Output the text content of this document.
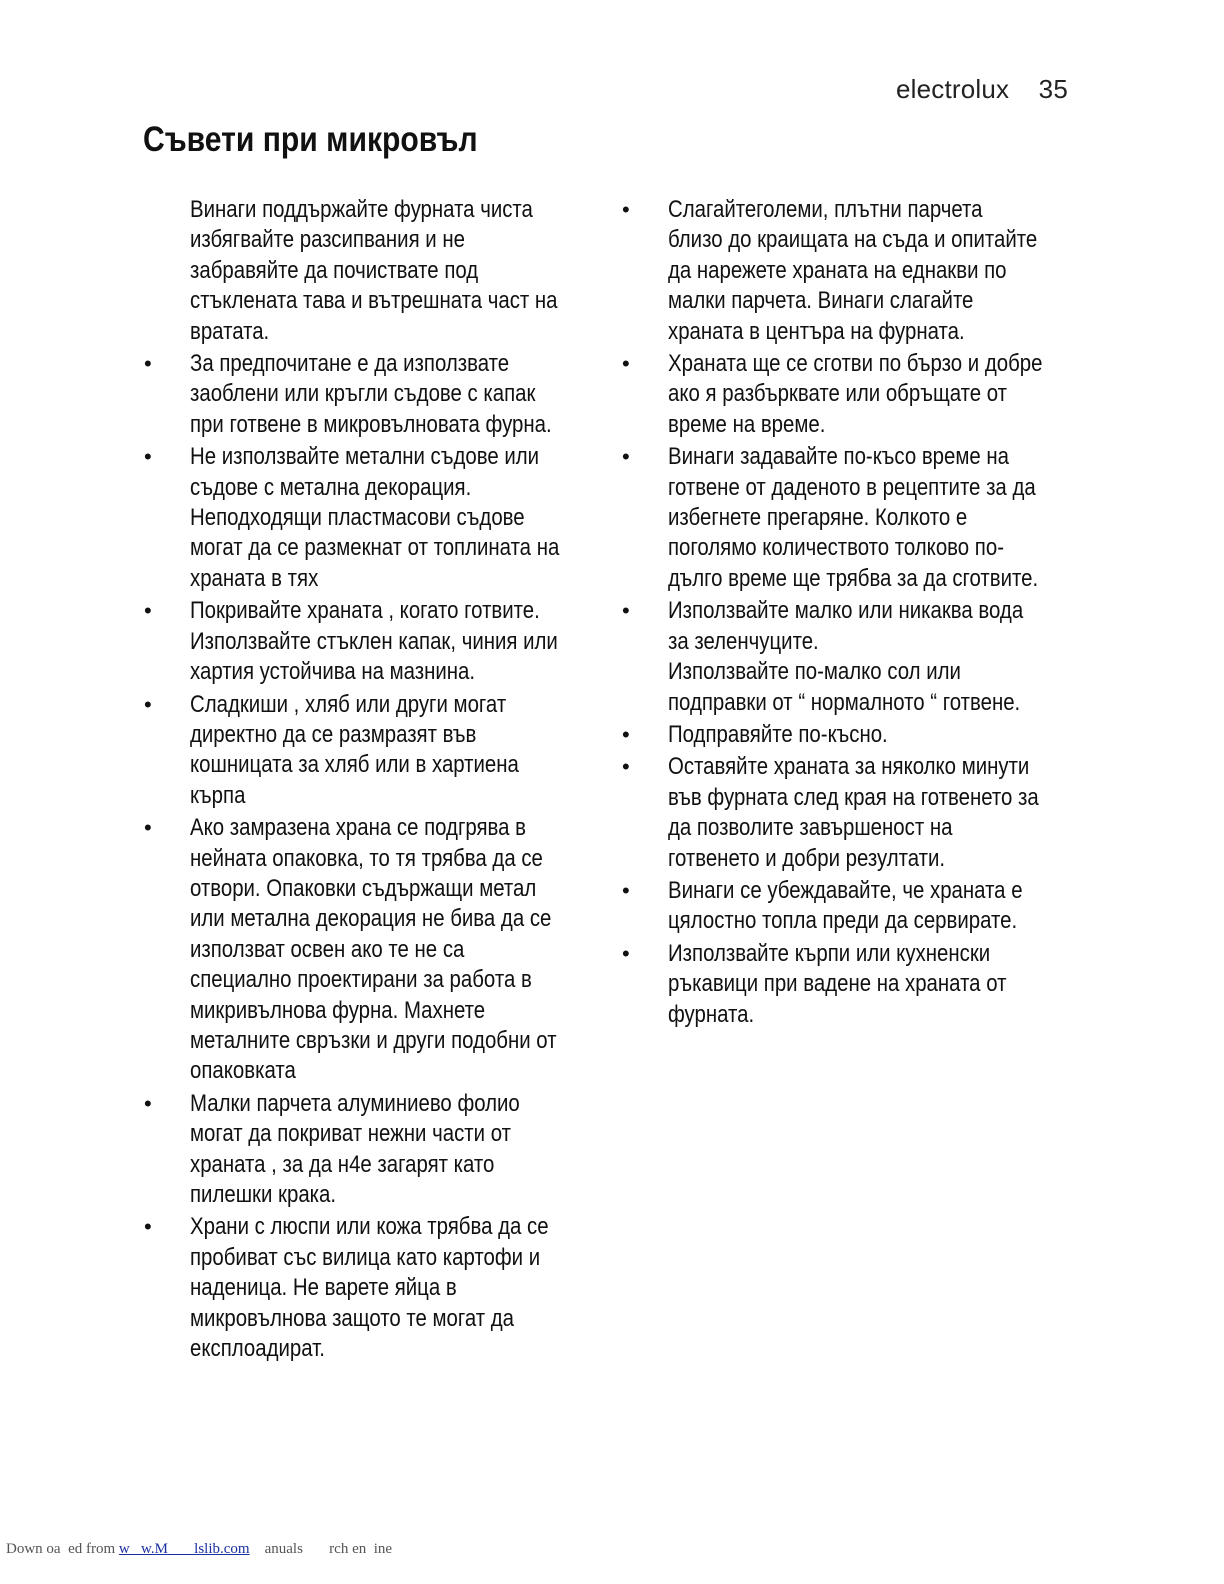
electrolux 35
Съвети при микровъл
Винаги поддържайте фурната чиста
избягвайте разсипвания и не
забравяйте да почиствате под
стъклената тава и вътрешната част на
вратата.
• За предпочитане е да използвате
заоблени или кръгли съдове с капак
при готвене в микровълновата фурна.
• Не използвайте метални съдове или
съдове с метална декорация.
Неподходящи пластмасови съдове
могат да се размекнат от топлината на
храната в тях
• Покривайте храната , когато готвите.
Използвайте стъклен капак, чиния или
хартия устойчива на мазнина.
• Сладкиши , хляб или други могат
директно да се размразят във
кошницата за хляб или в хартиена
кърпа
• Ако замразена храна се подгрява в
нейната опаковка, то тя трябва да се
отвори. Опаковки съдържащи метал
или метална декорация не бива да се
използват освен ако те не са
специално проектирани за работа в
микривълнова фурна. Махнете
металните свръзки и други подобни от
опаковката
• Малки парчета алуминиево фолио
могат да покриват нежни части от
храната , за да н4е загарят като
пилешки крака.
• Храни с люспи или кожа трябва да се
пробиват със вилица като картофи и
наденица. Не варете яйца в
микровълнова защото те могат да
експлоадират.
• Слагайтеголеми, плътни парчета
близо до краищата на съда и опитайте
да нарежете храната на еднакви по
малки парчета. Винаги слагайте
храната в центъра на фурната.
• Храната ще се сготви по бързо и добре
ако я разбърквате или обръщате от
време на време.
• Винаги задавайте по-късо време на
готвене от даденото в рецептите за да
избегнете прегаряне. Колкото е
поголямо количеството толково по-
дълго време ще трябва за да сготвите.
• Използвайте малко или никаква вода
за зеленчуците.
Използвайте по-малко сол или
подправки от “ нормалното “ готвене.
• Подправяйте по-късно.
• Оставяйте храната за няколко минути
във фурната след края на готвенето за
да позволите завършеност на
готвенето и добри резултати.
• Винаги се убеждавайте, че храната е
цялостно топла преди да сервирате.
• Използвайте кърпи или кухненски
ръкавици при вадене на храната от
фурната.
Down oa  ed from w   w.M       lslib.com    anuals       rch en  ine
